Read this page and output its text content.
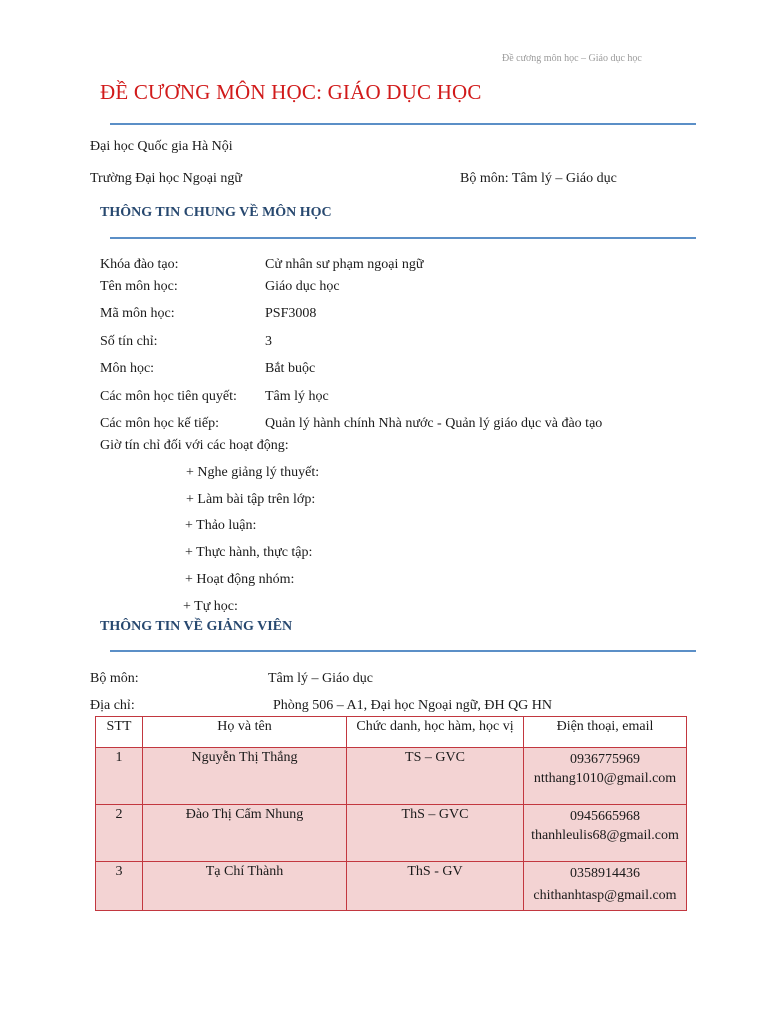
Đề cương môn học – Giáo dục học
ĐỀ CƯƠNG MÔN HỌC: GIÁO DỤC HỌC
Đại học Quốc gia Hà Nội
Trường Đại học Ngoại ngữ	Bộ môn: Tâm lý – Giáo dục
THÔNG TIN CHUNG VỀ MÔN HỌC
Khóa đào tạo:	Cử nhân sư phạm ngoại ngữ
Tên môn học:	Giáo dục học
Mã môn học:	PSF3008
Số tín chỉ:	3
Môn học:	Bắt buộc
Các môn học tiên quyết: Tâm lý học
Các môn học kế tiếp:	Quản lý hành chính Nhà nước - Quản lý giáo dục và đào tạo
Giờ tín chỉ đối với các hoạt động:
+ Nghe giảng lý thuyết:
+ Làm bài tập trên lớp:
+ Thảo luận:
+ Thực hành, thực tập:
+ Hoạt động nhóm:
+ Tự học:
THÔNG TIN VỀ GIẢNG VIÊN
Bộ môn:	Tâm lý – Giáo dục
Địa chỉ:	Phòng 506 – A1, Đại học Ngoại ngữ, ĐH QG HN
STT	Họ và tên	Chức danh, học hàm, học vị	Điện thoại, email
1	Nguyễn Thị Thắng	TS – GVC	0936775969
ntthang1010@gmail.com

2	Đào Thị Cẩm Nhung	ThS – GVC	0945665968
thanhleulis68@gmail.com

3	Tạ Chí Thành	ThS - GV	0358914436
chithanhtasp@gmail.com
